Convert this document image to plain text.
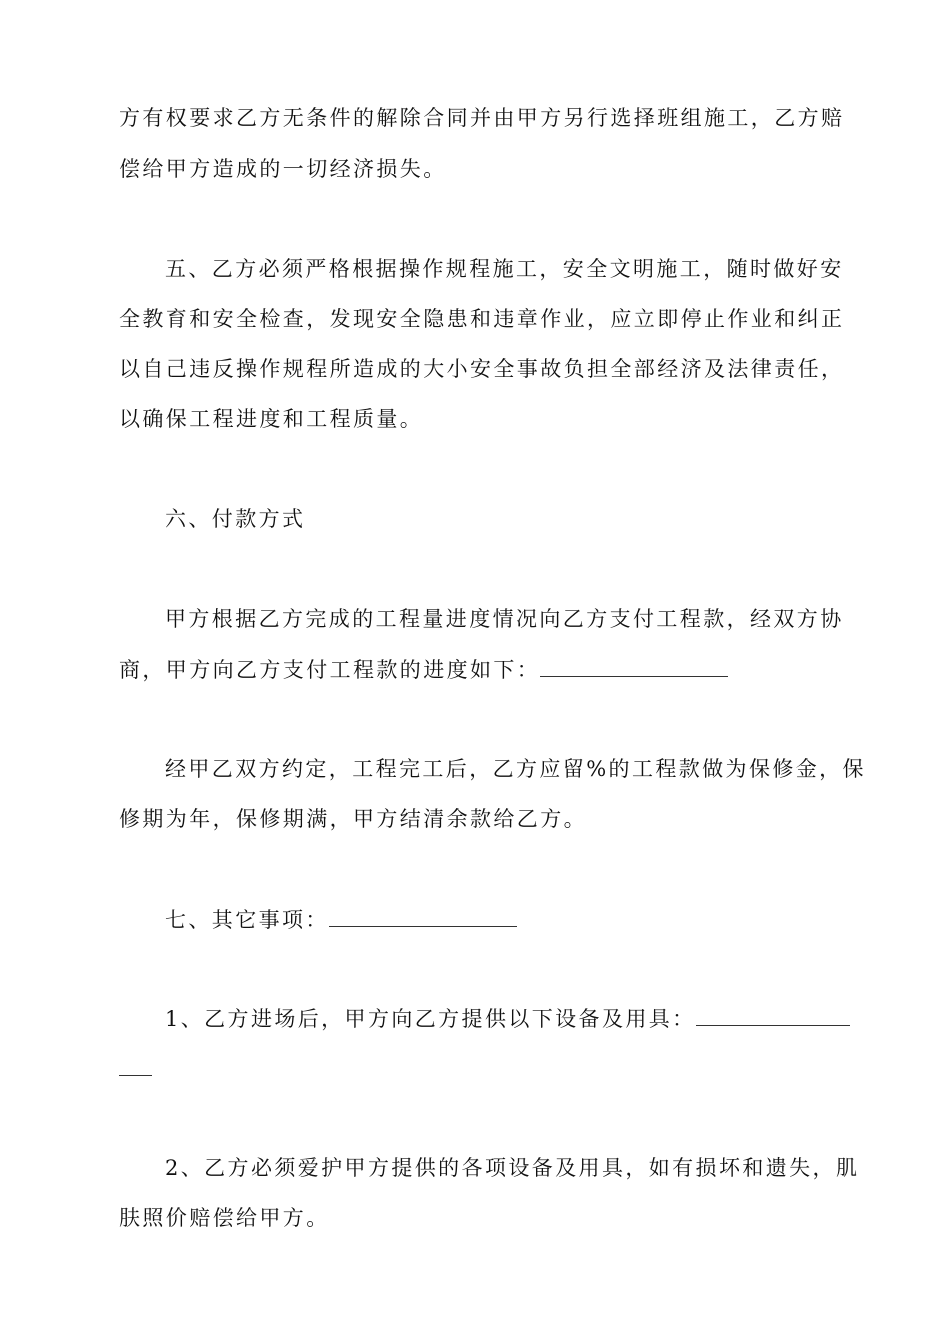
方有权要求乙方无条件的解除合同并由甲方另行选择班组施工，乙方赔

偿给甲方造成的一切经济损失。

五、乙方必须严格根据操作规程施工，安全文明施工，随时做好安

全教育和安全检查，发现安全隐患和违章作业，应立即停止作业和纠正

以自己违反操作规程所造成的大小安全事故负担全部经济及法律责任，

以确保工程进度和工程质量。

六、付款方式

甲方根据乙方完成的工程量进度情况向乙方支付工程款，经双方协

商，甲方向乙方支付工程款的进度如下：

经甲乙双方约定，工程完工后，乙方应留%的工程款做为保修金，保

修期为年，保修期满，甲方结清余款给乙方。

七、其它事项：
1、乙方进场后，甲方向乙方提供以下设备及用具：

2、乙方必须爱护甲方提供的各项设备及用具，如有损坏和遗失，肌

肤照价赔偿给甲方。
